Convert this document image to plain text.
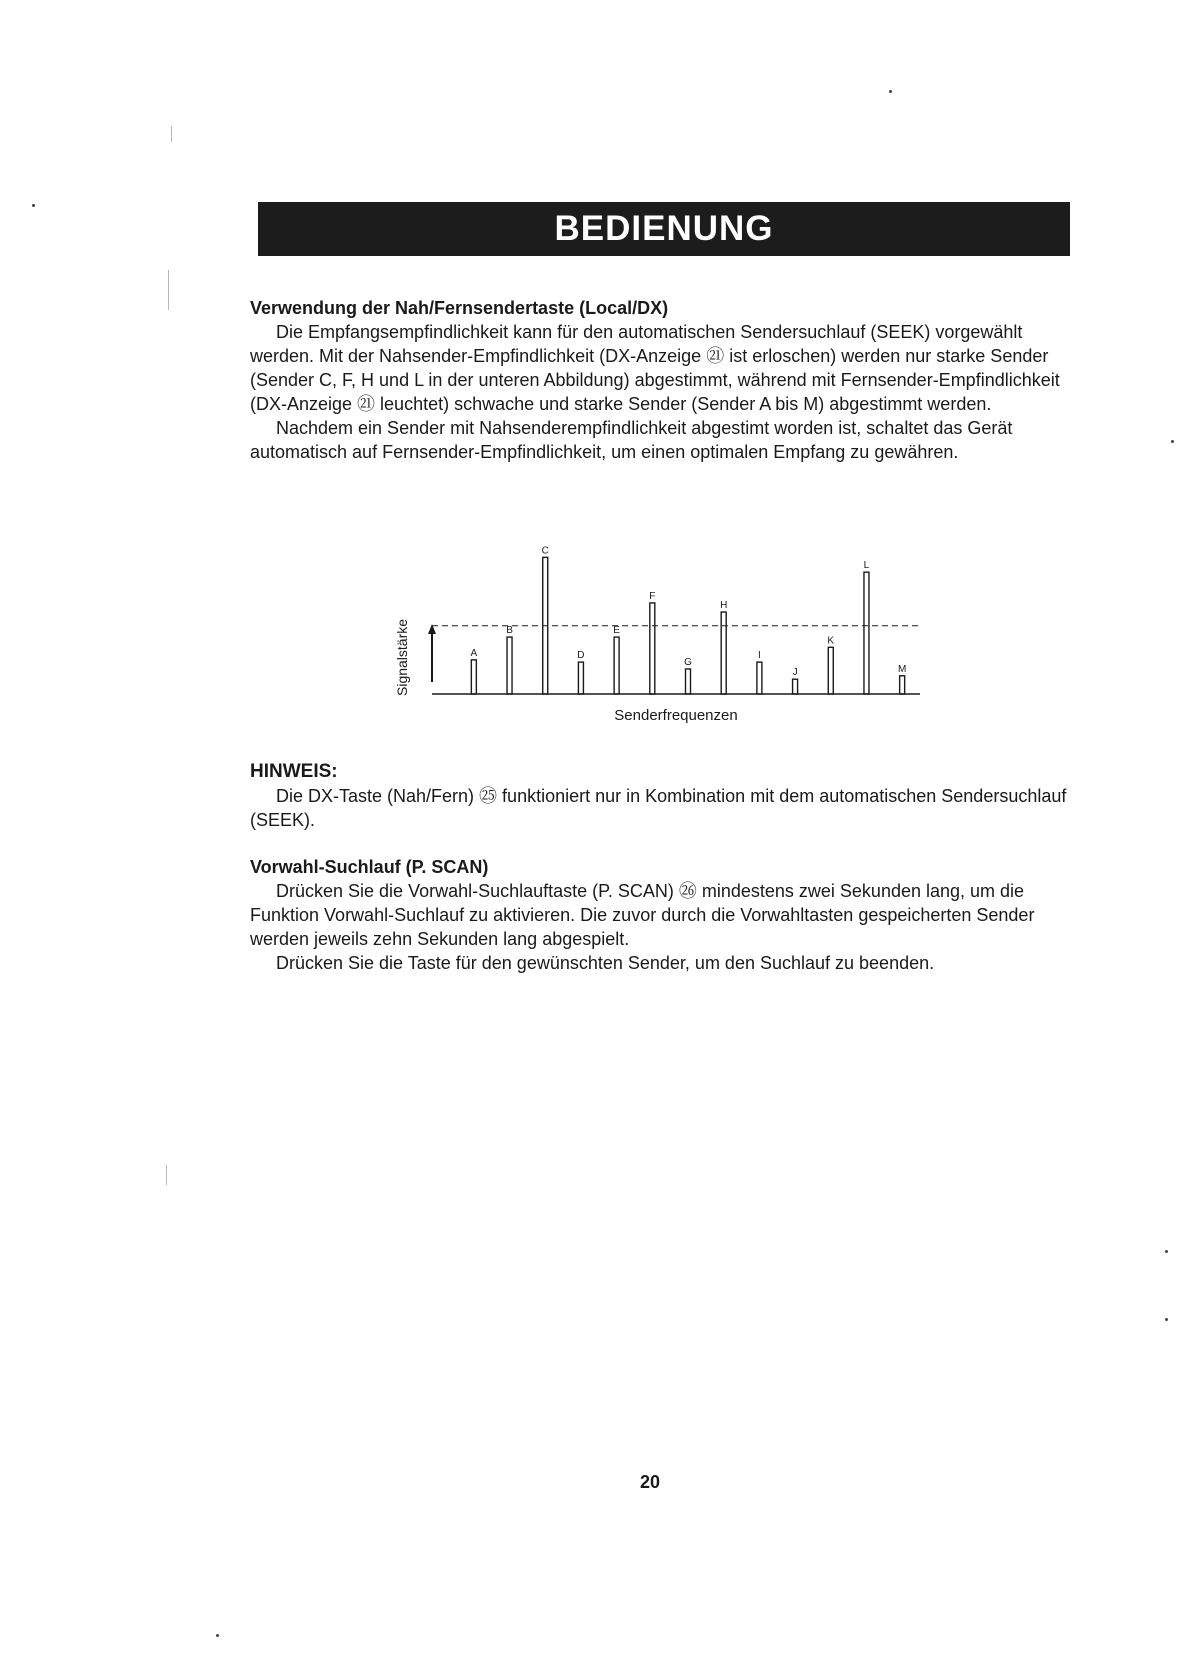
BEDIENUNG
Verwendung der Nah/Fernsendertaste (Local/DX)

Die Empfangsempfindlichkeit kann für den automatischen Sendersuchlauf (SEEK) vorgewählt werden. Mit der Nahsender-Empfindlichkeit (DX-Anzeige ㉑ ist erloschen) werden nur starke Sender (Sender C, F, H und L in der unteren Abbildung) abgestimmt, während mit Fernsender-Empfindlichkeit (DX-Anzeige ㉑ leuchtet) schwache und starke Sender (Sender A bis M) abgestimmt werden.

Nachdem ein Sender mit Nahsenderempfindlichkeit abgestimt worden ist, schaltet das Gerät automatisch auf Fernsender-Empfindlichkeit, um einen optimalen Empfang zu gewähren.

A
B
C
D
E
F
G
H
I
J
K
L
M
Signalstärke
Senderfrequenzen
HINWEIS:

Die DX-Taste (Nah/Fern) ㉕ funktioniert nur in Kombination mit dem automatischen Sendersuchlauf (SEEK).

Vorwahl-Suchlauf (P. SCAN)

Drücken Sie die Vorwahl-Suchlauftaste (P. SCAN) ㉖ mindestens zwei Sekunden lang, um die Funktion Vorwahl-Suchlauf zu aktivieren. Die zuvor durch die Vorwahltasten gespeicherten Sender werden jeweils zehn Sekunden lang abgespielt.

Drücken Sie die Taste für den gewünschten Sender, um den Suchlauf zu beenden.

20
